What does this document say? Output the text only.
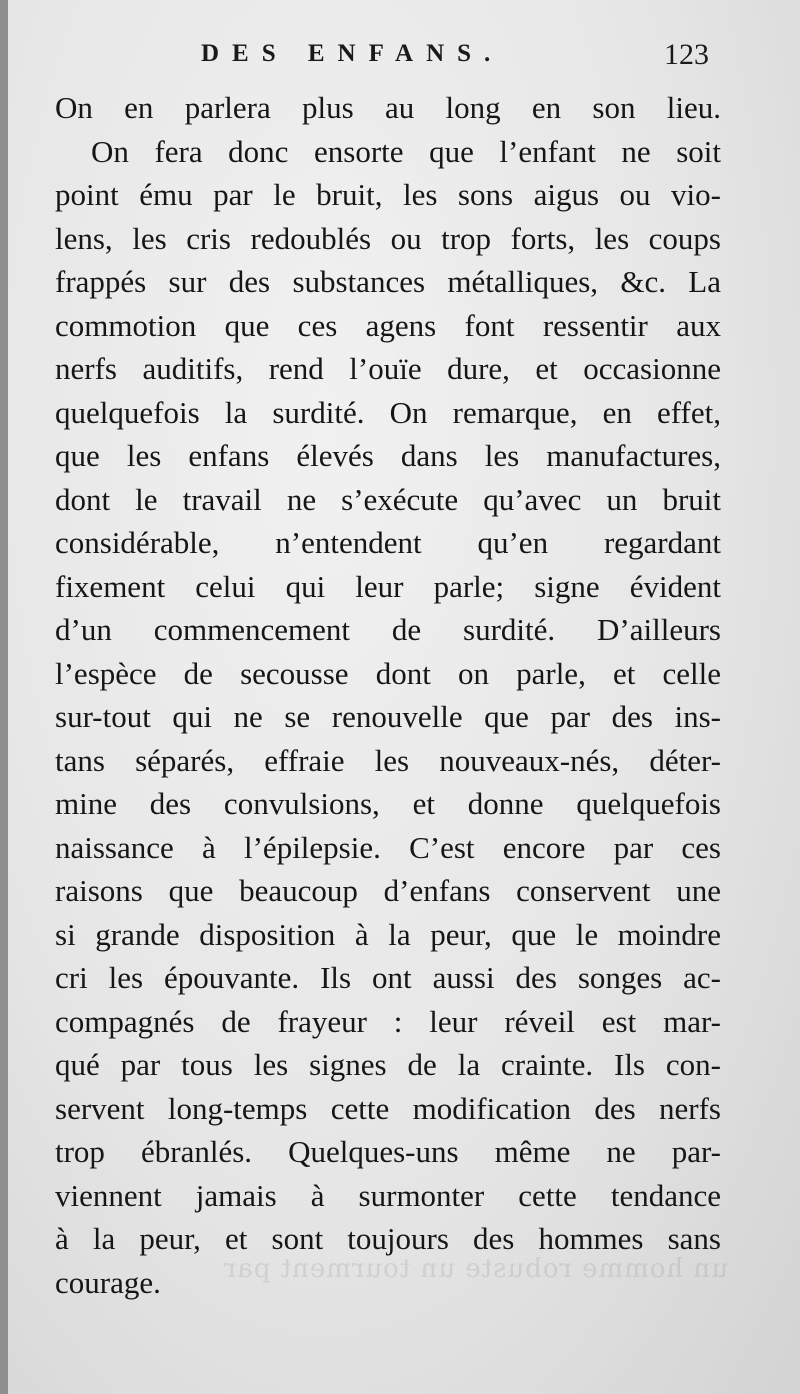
un homme robuste un tourment par
DES ENFANS.	123
On en parlera plus au long en son lieu.
On fera donc ensorte que l’enfant ne soit
point ému par le bruit, les sons aigus ou vio-
lens, les cris redoublés ou trop forts, les coups
frappés sur des substances métalliques, &c. La
commotion que ces agens font ressentir aux
nerfs auditifs, rend l’ouïe dure, et occasionne
quelquefois la surdité. On remarque, en effet,
que les enfans élevés dans les manufactures,
dont le travail ne s’exécute qu’avec un bruit
considérable, n’entendent qu’en regardant
fixement celui qui leur parle; signe évident
d’un commencement de surdité. D’ailleurs
l’espèce de secousse dont on parle, et celle
sur-tout qui ne se renouvelle que par des ins-
tans séparés, effraie les nouveaux-nés, déter-
mine des convulsions, et donne quelquefois
naissance à l’épilepsie. C’est encore par ces
raisons que beaucoup d’enfans conservent une
si grande disposition à la peur, que le moindre
cri les épouvante. Ils ont aussi des songes ac-
compagnés de frayeur : leur réveil est mar-
qué par tous les signes de la crainte. Ils con-
servent long-temps cette modification des nerfs
trop ébranlés. Quelques-uns même ne par-
viennent jamais à surmonter cette tendance
à la peur, et sont toujours des hommes sans
courage.
